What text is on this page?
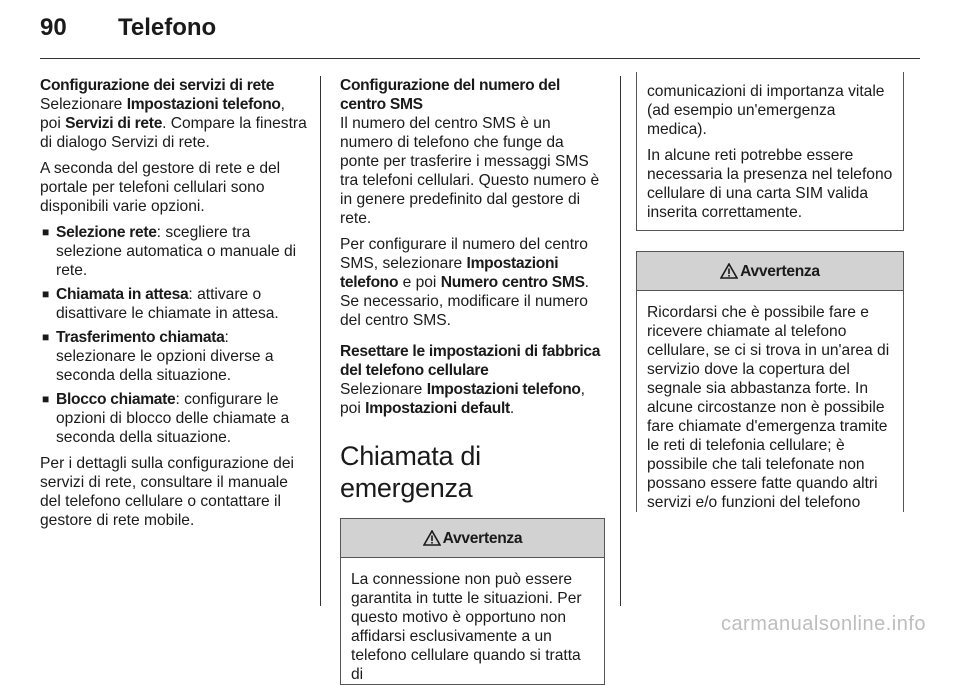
90 Telefono
Configurazione dei servizi di rete

Selezionare Impostazioni telefono, poi Servizi di rete. Compare la finestra di dialogo Servizi di rete.

A seconda del gestore di rete e del portale per telefoni cellulari sono disponibili varie opzioni.

■ Selezione rete: scegliere tra selezione automatica o manuale di rete.
■ Chiamata in attesa: attivare o disattivare le chiamate in attesa.
■ Trasferimento chiamata: selezionare le opzioni diverse a seconda della situazione.
■ Blocco chiamate: configurare le opzioni di blocco delle chiamate a seconda della situazione.

Per i dettagli sulla configurazione dei servizi di rete, consultare il manuale del telefono cellulare o contattare il gestore di rete mobile.

Configurazione del numero del centro SMS

Il numero del centro SMS è un numero di telefono che funge da ponte per trasferire i messaggi SMS tra telefoni cellulari. Questo numero è in genere predefinito dal gestore di rete.

Per configurare il numero del centro SMS, selezionare Impostazioni telefono e poi Numero centro SMS. Se necessario, modificare il numero del centro SMS.

Resettare le impostazioni di fabbrica del telefono cellulare

Selezionare Impostazioni telefono, poi Impostazioni default.

Chiamata di emergenza
Avvertenza
La connessione non può essere garantita in tutte le situazioni. Per questo motivo è opportuno non affidarsi esclusivamente a un telefono cellulare quando si tratta di

comunicazioni di importanza vitale (ad esempio un'emergenza medica).

In alcune reti potrebbe essere necessaria la presenza nel telefono cellulare di una carta SIM valida inserita correttamente.

Avvertenza
Ricordarsi che è possibile fare e ricevere chiamate al telefono cellulare, se ci si trova in un'area di servizio dove la copertura del segnale sia abbastanza forte. In alcune circostanze non è possibile fare chiamate d'emergenza tramite le reti di telefonia cellulare; è possibile che tali telefonate non possano essere fatte quando altri servizi e/o funzioni del telefono
carmanualsonline.info
